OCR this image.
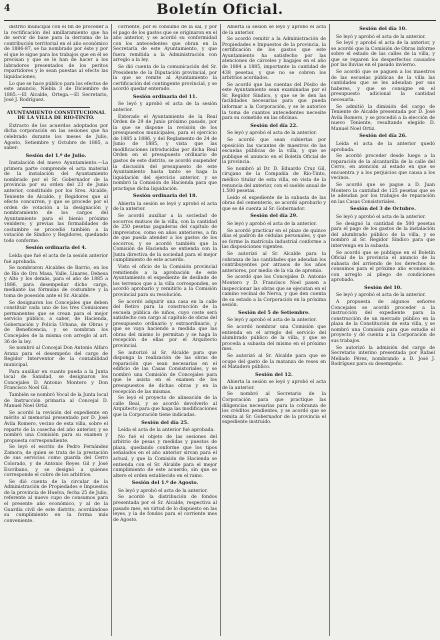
4	Boletín Oficial.

distrito municipal con el fin de proceder a la rectificación del amillaramiento que ha de servir de base para la derrama de la contribución territorial en el año económico de 1886-87, se ha nombrado por éste y por el que le sigue para los trabajos que en él se precisan y que se le han de hacer a los labradores presentados de los peritos repartidores y le sean puestas al efecto las liquidaciones,

Lo que se hace público para los efectos de este anuncio, Niebla 3 de Diciembre de 1885.—El Alcalde, Ortega.—El Secretario, José J. Rodríguez.

AYUNTAMIENTO CONSTITUCIONAL DE LA VILLA DE RIO-TINTO.

Extracto de los acuerdos adoptados por dicha corporación en las sesiones que ha celebrado durante los meses de Julio, Agosto, Setiembre y Octubre de 1885, a saber:

Sesión del 1.º de Julio.

Instalación del nuevo Ayuntamiento.—La primera parte comprende el acta material de la instalación del Ayuntamiento nombrado por el Sr. Gobernador de la provincia por su orden del 23 de Junio anterior, constituido por los Sres. Alcalde, Teniente de Alcalde, y Regidores que al efecto concurren, y que se procede por el orden de votación a la designación y nombramiento de los cargos del Ayuntamiento para el bienio próximo venidero; y previas las formalidades de costumbre se procedió también a la votación de Síndico y Regidores, quedando todo conforme.

Sesión ordinaria del 4.

Leída que fué el acta de la sesión anterior fué aprobada.

Se nombraron Alcaldes de Barrio, en los de Río de Oro Masa, Valle, Linares, Dehesa y Alto y los demás, para el año de 1885 a 1886, para desempeñar dicho cargo, mediante las fórmulas de costumbre y la toma de posesión ante el Sr. Alcalde.

Se designaron los Concejales que deben constituir cada uno de los tres Comisiones permanentes que se crean para el mejor servicio público, a saber, de Hacienda, Gobernación y Policía Urbana, de Obras y de Beneficencia, y se nombran los Concejales de la misma con arreglo al art. 36 de la ley.

Se nombró al Concejal Don Antonio Alfaro Arana para el desempeño del cargo de Regidor Interventor de la contabilidad municipal.

Para auxiliar en cuanto pueda a la Junta local de Sanidad, se designaron los Concejales D. Antonio Montero y Don Francisco Noel Gil.

También se nombró Vocal de la Junta local de Instrucción primaria al Concejal D. Manuel Noel Ortiz.

Se acordó la revisión del expediente en mérito al memorial presentado por D. José Ávila Romero, vecino de esta villa, sobre el reparto de la cosecha del año anterior, y se nombró una Comisión para su examen y propuesta correspondiente.

Se leyó el escrito de Pedro Fernández Zamora, de quien se trata de la prestación de sus servicios como guarda del Cerro Colorado, y de Antonio Reyes Gil y José Escribano, y se designó a quienes corresponde el cobro de los arbitrios.

Se dió cuenta de la circular de la Administración de Propiedades e Impuestos de la provincia de Huelva, fecha 25 de Julio, referente al nuevo cupo de consumos para el presente año económico, y al de la Guardia civil de este distrito, acordándose su cumplimiento en la forma más conveniente.

corriente, por el consumo de la sal, y por el pago de los gastos que se originaron en el año anterior, y se acordó su conformidad con los antecedentes que obran en la Secretaría de este Ayuntamiento, y que fuera remitida a la Administración con arreglo a la ley.

Se dió cuenta de la comunicación del Sr. Presidente de la Diputación provincial, por la que se remite al Ayuntamiento la certificación del contingente provincial, y se acordó quedar enterado.

Sesión ordinaria del 11.

Se leyó y aprobó el acta de la sesión anterior.

Enterado el Ayuntamiento de la Real Orden de 29 de Junio próximo pasado, por la que se dispone la revisión de los presupuestos municipales, para el ejercicio de 1885 a 1886, y del Reglamento de 24 de Junio de 1885, y vista que las modificaciones introducidas por dicha Real Orden en el presupuesto ordinario de gastos de este distrito, se acordó suspender la discusión del presupuesto de este Ayuntamiento hasta tanto se haga la liquidación del ejercicio anterior, y se nombró la Comisión de Hacienda para que practique dicha liquidación.

Sesión ordinaria del 18.

Abierta la sesión se leyó y aprobó el acta de la anterior.

Se acordó auxiliar a la sociedad de socorros mutuos de la villa, con la cantidad de 250 pesetas pagaderas del capítulo de imprevistos, como en años anteriores, a fin de que pueda atender a los gastos de los socorros, y se acordó también que la Comisión de Hacienda se entienda con la Junta directiva de la sociedad para el mejor cumplimiento de este acuerdo.

Visto el oficio de la Comisión provincial remitiendo a la aprobación de este Ayuntamiento el expediente de deslinde de los terrenos que a la villa corresponden, se acordó aprobarlo y remitirlo a la Comisión provincial para su resolución.

Se acordó adquirir una casa en la calle del Retiro para la construcción de la escuela pública de niños, cuyo coste será satisfecho con cargo al capítulo de obras del presupuesto ordinario y extraordinario, y que se vaya haciendo a medida que las obras del mismo lo permitan y se haga la recepción de ellas por el Arquitecto provincial.

Se autorizó al Sr. Alcalde para que disponga la realización de las obras de reparación que sean necesarias en el edificio de las Casas Consistoriales, y se nombró una Comisión de Concejales para que le asista en el examen de los presupuestos de dichas obras y en la recepción de las mismas.

Se leyó el proyecto de alineación de la calle Real, y se acordó devolverlo al Arquitecto para que haga las modificaciones que la Corporación tiene indicadas.

Sesión del día 25.

Leída el acta de la anterior fué aprobada.

No fué el objeto de las sesiones del arbitrio de pesas y medidas y puestos de plaza, quedando conforme que los tipos señalados en el año anterior sirvan para el actual, y que la Comisión de Hacienda se entienda con el Sr. Alcalde para el mejor cumplimiento de este acuerdo, sin que se altere el orden establecido en el ramo.

Sesión del 1.º de Agosto.

Se leyó y aprobó el acta de la anterior.

Se acordó la distribución de fondos presentada por el Sr. Alcalde, respectiva al pasado mes, en virtud de lo dispuesto en las leyes, y la de fondos para el corriente mes de Agosto.

Abierta la sesión se leyó y aprobó el acta de la anterior.

Se acordó remitir a la Administración de Propiedades e Impuestos de la provincia, la certificación de los gastos que este Ayuntamiento ha satisfecho por las atenciones de cárceles y bagajes en el año de 1884 a 1885, importante la cantidad de 438 pesetas, y que no se cobren los arbitrios acordados.

Se acordó que las cuentas del Pósito de este Ayuntamiento sean examinadas por el Sr. Regidor Síndico, y que se le den las facilidades necesarias para que pueda informar a la Corporación, y se le autorice la toma de cuantos antecedentes necesite para su cometido en las oficinas.

Sesión del día 22.

Se leyó y aprobó el acta de la anterior.

Se acordó que sean cubiertas por oposición las vacantes de maestros de las escuelas públicas de la villa, y que se publique el anuncio en el Boletín Oficial de la provincia.

Se nombró al Dr. D. Eduardo Cruz Gil, cirujano de la Compañía de Río-Tinto, médico titular de esta villa, en vista de la renuncia del anterior, con el sueldo anual de 1.500 pesetas.

Leído el expediente de la subasta de las obras del cementerio, se acordó aprobarlo y que se dé cuenta al Sr. Gobernador.

Sesión del día 29.

Se leyó y aprobó el acta de la anterior.

Se acordó practicar en el plazo de quince días el padrón de cédulas personales, y que se forme la matrícula industrial conforme a las disposiciones vigentes.

Se autorizó al Sr. Alcalde para la cobranza de las cantidades que adeudan los contribuyentes por atrasos de los años anteriores, por medio de la vía de apremio.

Se acordó que los Concejales D. Antonio Montero y D. Francisco Noel pasen a inspeccionar las obras que se ejecutan en el camino vecinal de Nerva, y que den cuenta de su estado a la Corporación en la próxima sesión.

Sesión del 5 de Setiembre.

Se leyó y aprobó el acta de la anterior.

Se acordó nombrar una Comisión que entienda en el arreglo del servicio del alumbrado público de la villa, y que se proceda a subasta del mismo en el próximo mes.

Se autorizó al Sr. Alcalde para que se ocupe del gasto de la matanza de reses en el Matadero público.

Sesión del 12.

Abierta la sesión se leyó y aprobó el acta de la anterior.

Se nombró al Secretario de la Corporación para que practique las diligencias necesarias para la cobranza de los créditos pendientes, y se acordó que se remita al Sr. Gobernador de la provincia el expediente instruido.

Sesión del día 10.

Se leyó y aprobó el acta de la anterior.

Se leyó y aprobó el acta de la anterior, y se acordó que la Comisión de Obras informe sobre el estado de las calles de la villa, y que se reparen los desperfectos causados por las lluvias en el pasado invierno.

Se acordó que se paguen a los maestros de las escuelas públicas de la villa las cantidades que se les adeudan por sus haberes, y que se consigne en el presupuesto adicional la cantidad necesaria.

Se admitió la dimisión del cargo de Teniente de Alcalde presentada por D. José Ávila Romero, y se procedió a la elección de nuevo Teniente, resultando elegido D. Manuel Noel Ortiz.

Sesión del día 26.

Leída el acta de la anterior quedó aprobada.

Se acordó proceder desde luego a la reparación de la alcantarilla de la calle del Cerro, en atención al estado en que se encuentra y a los perjuicios que causa a los vecinos.

Se acordó que se pague a D. Juan Montero la cantidad de 125 pesetas que se le adeudan por los trabajos de reparación en las Casas Consistoriales.

Sesión del 3 de Octubre.

Se leyó y aprobó el acta de la anterior.

Se designó la cantidad de 500 pesetas para el pago de los gastos de la instalación del alumbrado público de la villa, y se nombró al Sr. Regidor Síndico para que intervenga en la subasta.

Se acordó que se publique en el Boletín Oficial de la provincia el anuncio de la subasta del arriendo de los derechos de consumos para el próximo año económico, con arreglo al pliego de condiciones aprobado.

Sesión del 10.

Se leyó y aprobó el acta de la anterior.

A propuesta de algunos señores Concejales se acordó proceder a la instrucción del expediente para la construcción de un mercado público en la plaza de la Constitución de esta villa, y se nombró una Comisión para que estudie el proyecto y dé cuenta a la Corporación de sus trabajos.

Se autorizó la admisión del cargo de Secretario interino presentada por Rafael Mellado Pérez, nombrando a D. José J. Rodríguez para su desempeño.
